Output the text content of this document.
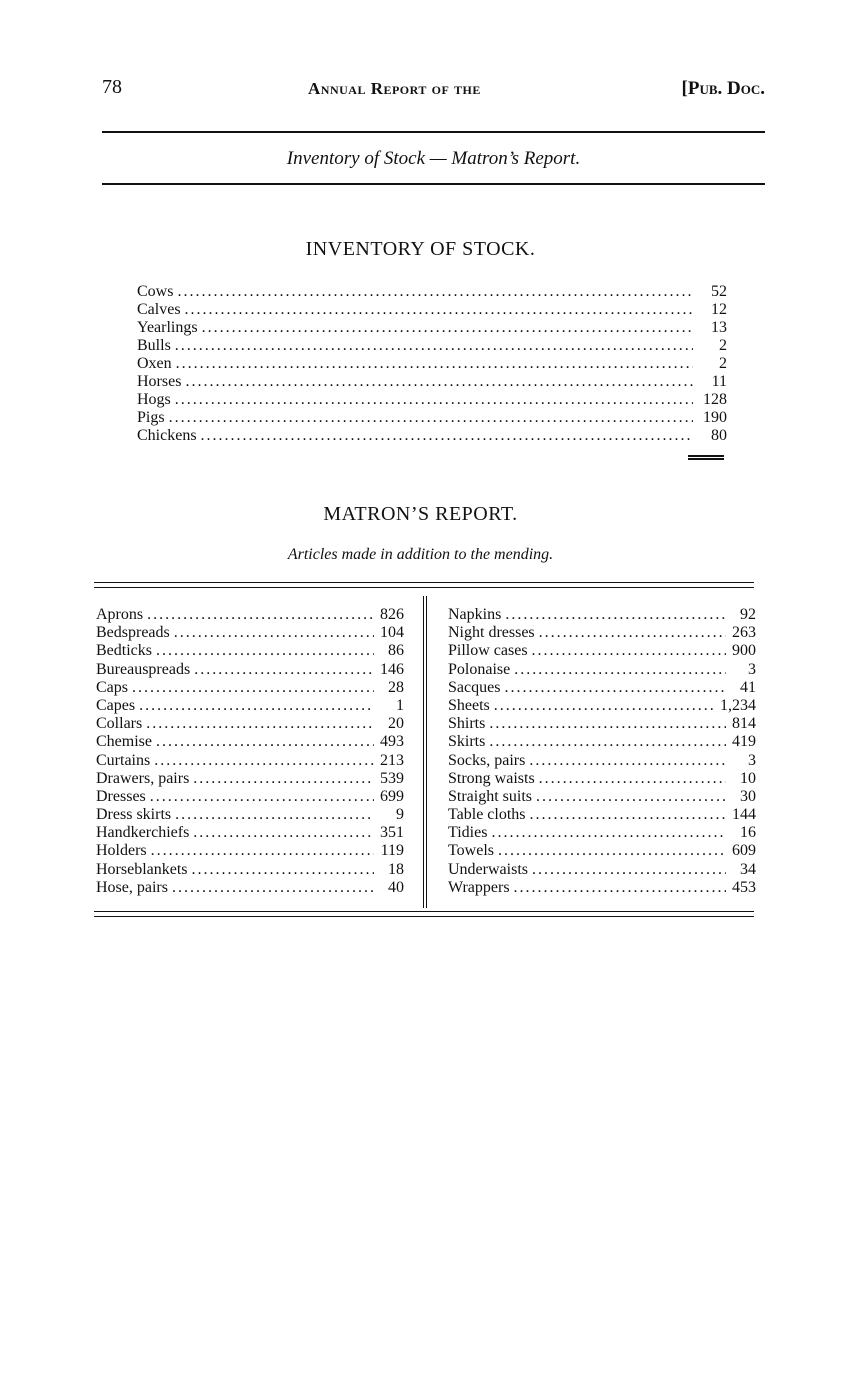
78	Annual Report of the	[Pub. Doc.
Inventory of Stock — Matron’s Report.
INVENTORY OF STOCK.
Cows .....	52
Calves .....	12
Yearlings .....	13
Bulls .....	2
Oxen .....	2
Horses .....	11
Hogs .....	128
Pigs .....	190
Chickens .....	80
MATRON’S REPORT.
Articles made in addition to the mending.
Aprons .....	826
Bedspreads .....	104
Bedticks .....	86
Bureauspreads .....	146
Caps .....	28
Capes .....	1
Collars .....	20
Chemise .....	493
Curtains .....	213
Drawers, pairs .....	539
Dresses .....	699
Dress skirts .....	9
Handkerchiefs .....	351
Holders .....	119
Horseblankets .....	18
Hose, pairs .....	40
Napkins .....	92
Night dresses .....	263
Pillow cases .....	900
Polonaise .....	3
Sacques .....	41
Sheets .....	1,234
Shirts .....	814
Skirts .....	419
Socks, pairs .....	3
Strong waists .....	10
Straight suits .....	30
Table cloths .....	144
Tidies .....	16
Towels .....	609
Underwaists .....	34
Wrappers .....	453
